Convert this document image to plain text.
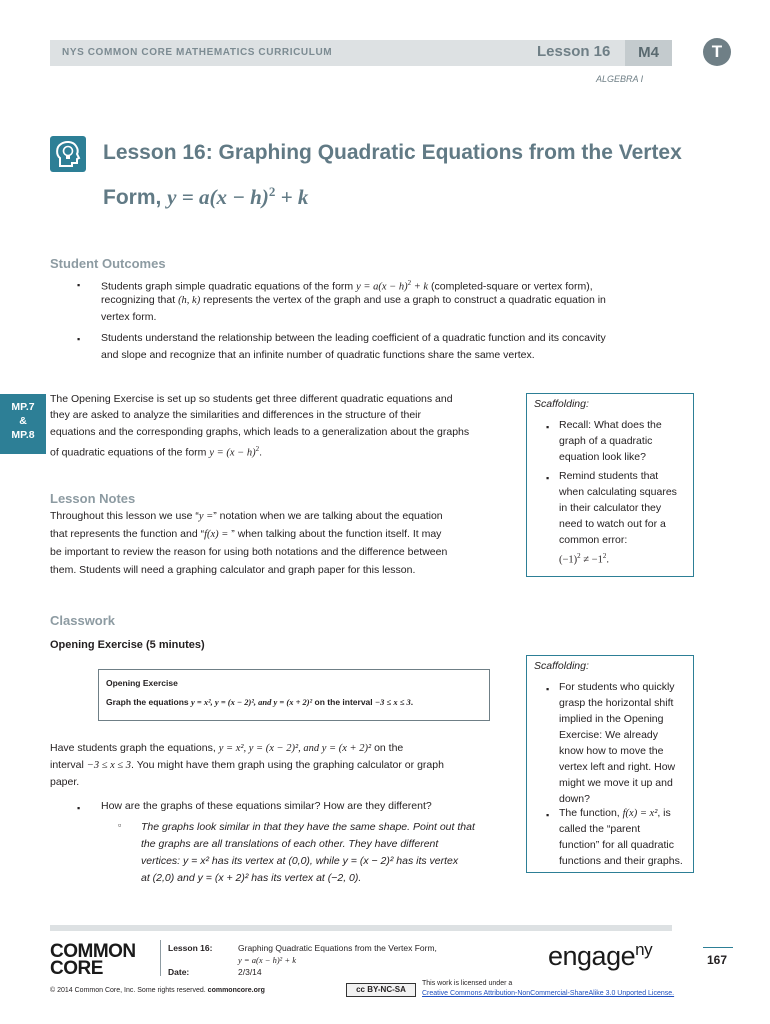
NYS COMMON CORE MATHEMATICS CURRICULUM	Lesson 16	M4	T
ALGEBRA I
Lesson 16: Graphing Quadratic Equations from the Vertex
Form, $y = a(x - h)^2 + k$
Student Outcomes
▪ Students graph simple quadratic equations of the form $y = a(x - h)^2 + k$ (completed-square or vertex form),
recognizing that (h, k) represents the vertex of the graph and use a graph to construct a quadratic equation in
vertex form.
▪ Students understand the relationship between the leading coefficient of a quadratic function and its concavity
and slope and recognize that an infinite number of quadratic functions share the same vertex.
MP.7
&
MP.8
The Opening Exercise is set up so students get three different quadratic equations and
they are asked to analyze the similarities and differences in the structure of their
equations and the corresponding graphs, which leads to a generalization about the graphs
of quadratic equations of the form $y = (x - h)^2$.
Lesson Notes
Throughout this lesson we use “y =” notation when we are talking about the equation
that represents the function and “f(x) = ” when talking about the function itself. It may
be important to review the reason for using both notations and the difference between
them. Students will need a graphing calculator and graph paper for this lesson.
Scaffolding:
▪ Recall: What does the
graph of a quadratic
equation look like?
▪ Remind students that
when calculating squares
in their calculator they
need to watch out for a
common error:
$(-1)^2 \ne -1^2$.
Classwork
Opening Exercise (5 minutes)
Opening Exercise
Graph the equations y = x², y = (x − 2)², and y = (x + 2)² on the interval −3 ≤ x ≤ 3.
Have students graph the equations, y = x², y = (x − 2)², and y = (x + 2)² on the
interval −3 ≤ x ≤ 3. You might have them graph using the graphing calculator or graph
paper.
▪ How are the graphs of these equations similar? How are they different?
▫ The graphs look similar in that they have the same shape. Point out that
the graphs are all translations of each other. They have different
vertices: y = x² has its vertex at (0,0), while y = (x − 2)² has its vertex
at (2,0) and y = (x + 2)² has its vertex at (−2, 0).
Scaffolding:
▪ For students who quickly
grasp the horizontal shift
implied in the Opening
Exercise: We already
know how to move the
vertex left and right. How
might we move it up and
down?
▪ The function, f(x) = x², is
called the “parent
function” for all quadratic
functions and their graphs.
COMMON
CORE
Lesson 16:	Graphing Quadratic Equations from the Vertex Form,
y = a(x − h)² + k
Date:	2/3/14
engage$^{ny}$
167
© 2014 Common Core, Inc. Some rights reserved. commoncore.org	cc BY-NC-SA
This work is licensed under a
Creative Commons Attribution-NonCommercial-ShareAlike 3.0 Unported License.
